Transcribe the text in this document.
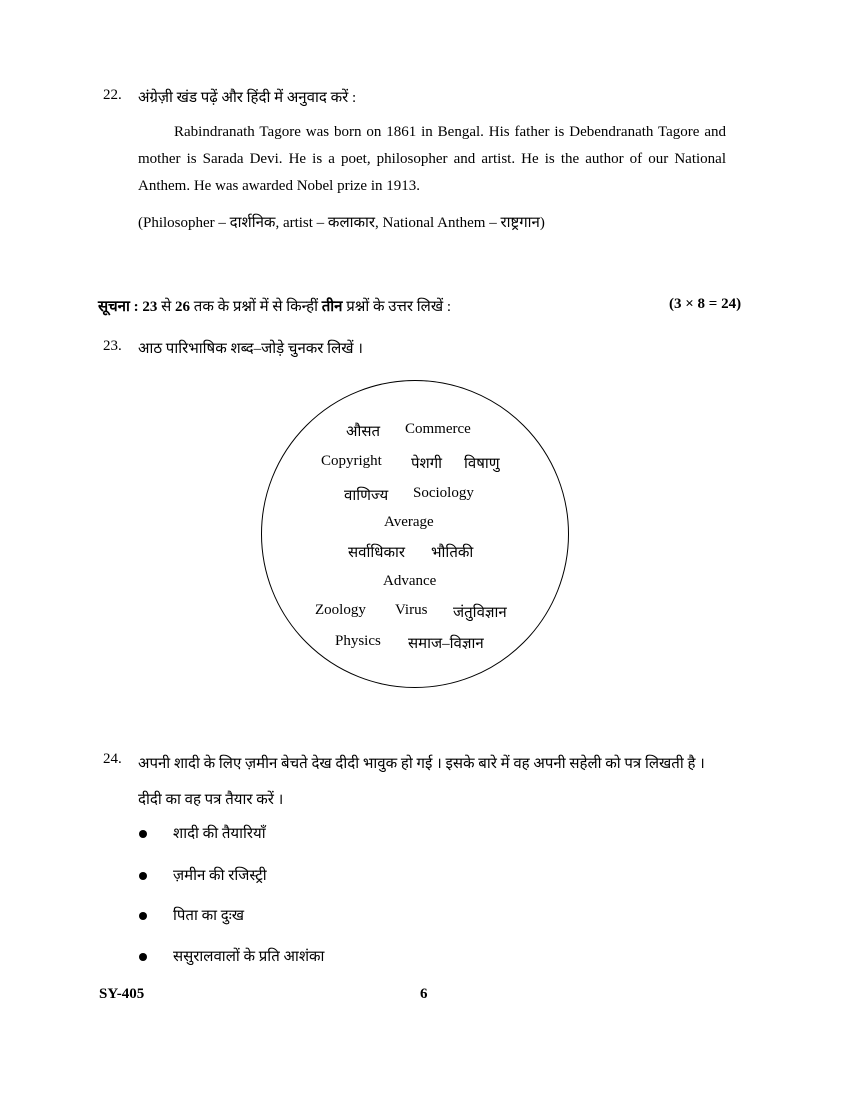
22. अंग्रेज़ी खंड पढ़ें और हिंदी में अनुवाद करें :
Rabindranath Tagore was born on 1861 in Bengal. His father is Debendranath Tagore and mother is Sarada Devi. He is a poet, philosopher and artist. He is the author of our National Anthem. He was awarded Nobel prize in 1913.
(Philosopher – दार्शनिक, artist – कलाकार, National Anthem – राष्ट्रगान)
सूचना : 23 से 26 तक के प्रश्नों में से किन्हीं तीन प्रश्नों के उत्तर लिखें :	(3 × 8 = 24)
23. आठ पारिभाषिक शब्द–जोड़े चुनकर लिखें ।
औसत Commerce
Copyright पेशगी विषाणु
वाणिज्य Sociology
Average
सर्वाधिकार भौतिकी
Advance
Zoology Virus जंतुविज्ञान
Physics समाज–विज्ञान
24. अपनी शादी के लिए ज़मीन बेचते देख दीदी भावुक हो गई । इसके बारे में वह अपनी सहेली को पत्र लिखती है । दीदी का वह पत्र तैयार करें ।
शादी की तैयारियाँ
ज़मीन की रजिस्ट्री
पिता का दुःख
ससुरालवालों के प्रति आशंका
SY-405	6
